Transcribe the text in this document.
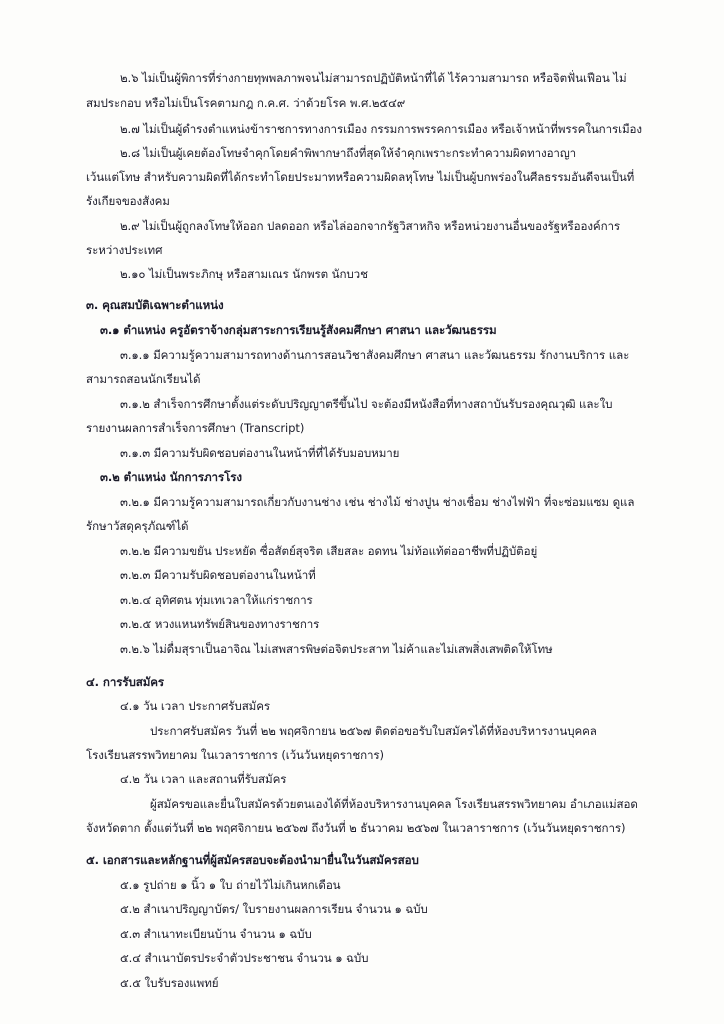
๒.๖ ไม่เป็นผู้พิการที่ร่างกายทุพพลภาพจนไม่สามารถปฏิบัติหน้าที่ได้ ไร้ความสามารถ หรือจิตฟั่นเฟือน ไม่
สมประกอบ หรือไม่เป็นโรคตามกฎ ก.ค.ศ. ว่าด้วยโรค พ.ศ.๒๕๔๙
๒.๗ ไม่เป็นผู้ดำรงตำแหน่งข้าราชการทางการเมือง กรรมการพรรคการเมือง หรือเจ้าหน้าที่พรรคในการเมือง
๒.๘ ไม่เป็นผู้เคยต้องโทษจำคุกโดยคำพิพากษาถึงที่สุดให้จำคุกเพราะกระทำความผิดทางอาญา
เว้นแต่โทษ สำหรับความผิดที่ได้กระทำโดยประมาทหรือความผิดลหุโทษ ไม่เป็นผู้บกพร่องในศีลธรรมอันดีจนเป็นที่
รังเกียจของสังคม
๒.๙ ไม่เป็นผู้ถูกลงโทษให้ออก ปลดออก หรือไล่ออกจากรัฐวิสาหกิจ หรือหน่วยงานอื่นของรัฐหรือองค์การ
ระหว่างประเทศ
๒.๑๐ ไม่เป็นพระภิกษุ หรือสามเณร นักพรต นักบวช
๓. คุณสมบัติเฉพาะตำแหน่ง
๓.๑ ตำแหน่ง ครูอัตราจ้างกลุ่มสาระการเรียนรู้สังคมศึกษา ศาสนา และวัฒนธรรม
๓.๑.๑ มีความรู้ความสามารถทางด้านการสอนวิชาสังคมศึกษา ศาสนา และวัฒนธรรม รักงานบริการ และ
สามารถสอนนักเรียนได้
๓.๑.๒ สำเร็จการศึกษาตั้งแต่ระดับปริญญาตรีขึ้นไป จะต้องมีหนังสือที่ทางสถาบันรับรองคุณวุฒิ และใบ
รายงานผลการสำเร็จการศึกษา (Transcript)
๓.๑.๓ มีความรับผิดชอบต่องานในหน้าที่ที่ได้รับมอบหมาย
๓.๒ ตำแหน่ง นักการภารโรง
๓.๒.๑ มีความรู้ความสามารถเกี่ยวกับงานช่าง เช่น ช่างไม้ ช่างปูน ช่างเชื่อม ช่างไฟฟ้า ที่จะซ่อมแซม ดูแล
รักษาวัสดุครุภัณฑ์ได้
๓.๒.๒ มีความขยัน ประหยัด ซื่อสัตย์สุจริต เสียสละ อดทน ไม่ท้อแท้ต่ออาชีพที่ปฏิบัติอยู่
๓.๒.๓ มีความรับผิดชอบต่องานในหน้าที่
๓.๒.๔ อุทิศตน ทุ่มเทเวลาให้แก่ราชการ
๓.๒.๕ หวงแหนทรัพย์สินของทางราชการ
๓.๒.๖ ไม่ดื่มสุราเป็นอาจิณ ไม่เสพสารพิษต่อจิตประสาท ไม่ค้าและไม่เสพสิ่งเสพติดให้โทษ
๔. การรับสมัคร
๔.๑ วัน เวลา ประกาศรับสมัคร
ประกาศรับสมัคร วันที่ ๒๒ พฤศจิกายน ๒๕๖๗ ติดต่อขอรับใบสมัครได้ที่ห้องบริหารงานบุคคล
โรงเรียนสรรพวิทยาคม ในเวลาราชการ (เว้นวันหยุดราชการ)
๔.๒ วัน เวลา และสถานที่รับสมัคร
ผู้สมัครขอและยื่นใบสมัครด้วยตนเองได้ที่ห้องบริหารงานบุคคล โรงเรียนสรรพวิทยาคม อำเภอแม่สอด
จังหวัดตาก ตั้งแต่วันที่ ๒๒ พฤศจิกายน ๒๕๖๗ ถึงวันที่ ๒ ธันวาคม ๒๕๖๗ ในเวลาราชการ (เว้นวันหยุดราชการ)
๕. เอกสารและหลักฐานที่ผู้สมัครสอบจะต้องนำมายื่นในวันสมัครสอบ
๕.๑ รูปถ่าย ๑ นิ้ว ๑ ใบ ถ่ายไว้ไม่เกินหกเดือน
๕.๒ สำเนาปริญญาบัตร/ ใบรายงานผลการเรียน จำนวน ๑ ฉบับ
๕.๓ สำเนาทะเบียนบ้าน จำนวน ๑ ฉบับ
๕.๔ สำเนาบัตรประจำตัวประชาชน จำนวน ๑ ฉบับ
๕.๕ ใบรับรองแพทย์
